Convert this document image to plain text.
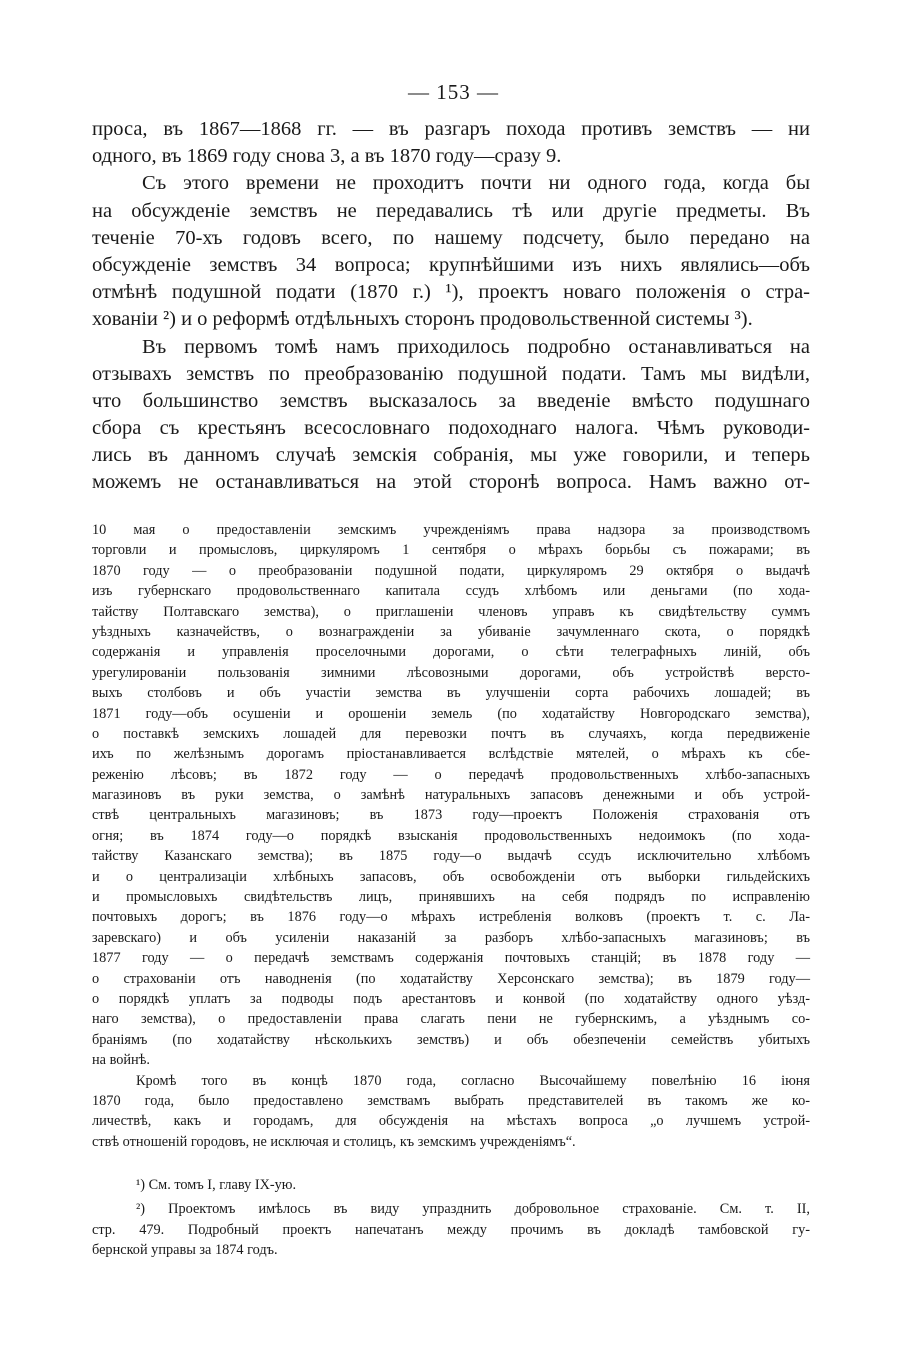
— 153 —
проса, въ 1867—1868 гг. — въ разгаръ похода противъ земствъ — ни
одного, въ 1869 году снова 3, а въ 1870 году—сразу 9.
Съ этого времени не проходитъ почти ни одного года, когда бы
на обсужденіе земствъ не передавались тѣ или другіе предметы. Въ
теченіе 70-хъ годовъ всего, по нашему подсчету, было передано на
обсужденіе земствъ 34 вопроса; крупнѣйшими изъ нихъ являлись—объ
отмѣнѣ подушной подати (1870 г.) ¹), проектъ новаго положенія о стра-
хованіи ²) и о реформѣ отдѣльныхъ сторонъ продовольственной системы ³).
Въ первомъ томѣ намъ приходилось подробно останавливаться на
отзывахъ земствъ по преобразованію подушной подати. Тамъ мы видѣли,
что большинство земствъ высказалось за введеніе вмѣсто подушнаго
сбора съ крестьянъ всесословнаго подоходнаго налога. Чѣмъ руководи-
лись въ данномъ случаѣ земскія собранія, мы уже говорили, и теперь
можемъ не останавливаться на этой сторонѣ вопроса. Намъ важно от-
10 мая о предоставленіи земскимъ учрежденіямъ права надзора за производствомъ
торговли и промысловъ, циркуляромъ 1 сентября о мѣрахъ борьбы съ пожарами; въ
1870 году — о преобразованіи подушной подати, циркуляромъ 29 октября о выдачѣ
изъ губернскаго продовольственнаго капитала ссудъ хлѣбомъ или деньгами (по хода-
тайству Полтавскаго земства), о приглашеніи членовъ управъ къ свидѣтельству суммъ
уѣздныхъ казначействъ, о вознагражденіи за убиваніе зачумленнаго скота, о порядкѣ
содержанія и управленія проселочными дорогами, о сѣти телеграфныхъ линій, объ
урегулированіи пользованія зимними лѣсовозными дорогами, объ устройствѣ версто-
выхъ столбовъ и объ участіи земства въ улучшеніи сорта рабочихъ лошадей; въ
1871 году—объ осушеніи и орошеніи земель (по ходатайству Новгородскаго земства),
о поставкѣ земскихъ лошадей для перевозки почтъ въ случаяхъ, когда передвиженіе
ихъ по желѣзнымъ дорогамъ пріостанавливается вслѣдствіе мятелей, о мѣрахъ къ сбе-
реженію лѣсовъ; въ 1872 году — о передачѣ продовольственныхъ хлѣбо-запасныхъ
магазиновъ въ руки земства, о замѣнѣ натуральныхъ запасовъ денежными и объ устрой-
ствѣ центральныхъ магазиновъ; въ 1873 году—проектъ Положенія страхованія отъ
огня; въ 1874 году—о порядкѣ взысканія продовольственныхъ недоимокъ (по хода-
тайству Казанскаго земства); въ 1875 году—о выдачѣ ссудъ исключительно хлѣбомъ
и о централизаціи хлѣбныхъ запасовъ, объ освобожденіи отъ выборки гильдейскихъ
и промысловыхъ свидѣтельствъ лицъ, принявшихъ на себя подрядъ по исправленію
почтовыхъ дорогъ; въ 1876 году—о мѣрахъ истребленія волковъ (проектъ т. с. Ла-
заревскаго) и объ усиленіи наказаній за разборъ хлѣбо-запасныхъ магазиновъ; въ
1877 году — о передачѣ земствамъ содержанія почтовыхъ станцій; въ 1878 году —
о страхованіи отъ наводненія (по ходатайству Херсонскаго земства); въ 1879 году—
о порядкѣ уплатъ за подводы подъ арестантовъ и конвой (по ходатайству одного уѣзд-
наго земства), о предоставленіи права слагать пени не губернскимъ, а уѣзднымъ со-
браніямъ (по ходатайству нѣсколькихъ земствъ) и объ обезпеченіи семействъ убитыхъ
на войнѣ.
Кромѣ того въ концѣ 1870 года, согласно Высочайшему повелѣнію 16 іюня
1870 года, было предоставлено земствамъ выбрать представителей въ такомъ же ко-
личествѣ, какъ и городамъ, для обсужденія на мѣстахъ вопроса „о лучшемъ устрой-
ствѣ отношеній городовъ, не исключая и столицъ, къ земскимъ учрежденіямъ“.
¹) См. томъ I, главу IX-ую.
²) Проектомъ имѣлось въ виду упразднить добровольное страхованіе. См. т. II,
стр. 479. Подробный проектъ напечатанъ между прочимъ въ докладѣ тамбовской гу-
бернской управы за 1874 годъ.
